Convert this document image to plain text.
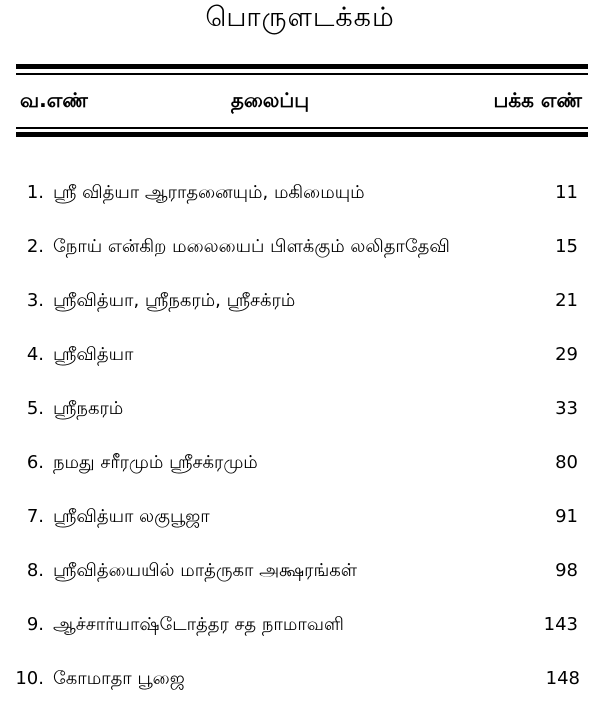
பொருளடக்கம்
வ.எண்	தலைப்பு	பக்க எண்
1. ஸ்ரீ வித்யா ஆராதனையும், மகிமையும்	11
2. நோய் என்கிற மலையைப் பிளக்கும் லலிதாதேவி	15
3. ஸ்ரீவித்யா, ஸ்ரீநகரம், ஸ்ரீசக்ரம்	21
4. ஸ்ரீவித்யா	29
5. ஸ்ரீநகரம்	33
6. நமது சரீரமும் ஸ்ரீசக்ரமும்	80
7. ஸ்ரீவித்யா லகுபூஜா	91
8. ஸ்ரீவித்யையில் மாத்ருகா அக்ஷரங்கள்	98
9. ஆச்சார்யாஷ்டோத்தர சத நாமாவளி	143
10. கோமாதா பூஜை	148
